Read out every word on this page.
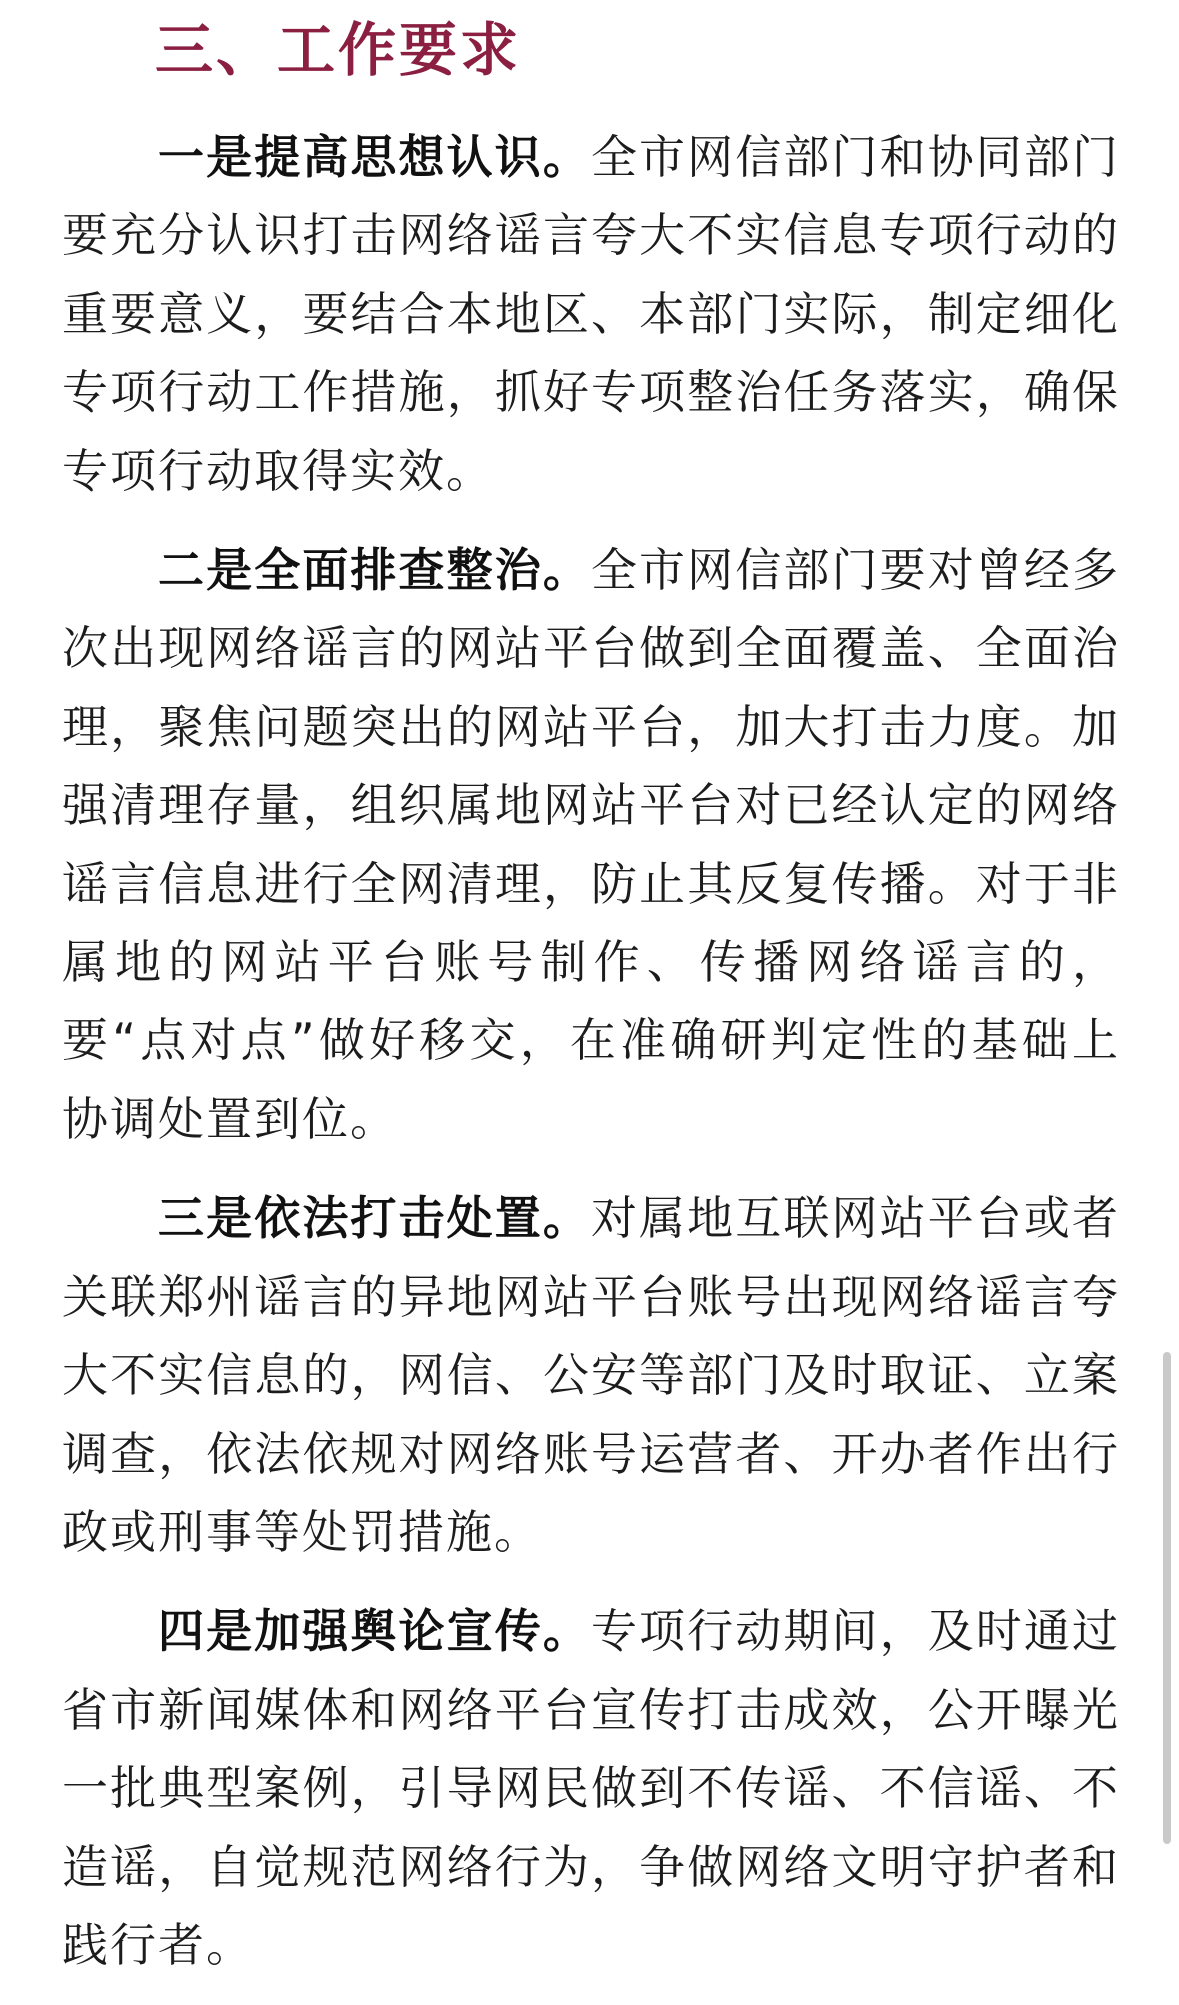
三、工作要求

一是提高思想认识。全市网信部门和协同部门要充分认识打击网络谣言夸大不实信息专项行动的重要意义，要结合本地区、本部门实际，制定细化专项行动工作措施，抓好专项整治任务落实，确保专项行动取得实效。

二是全面排查整治。全市网信部门要对曾经多次出现网络谣言的网站平台做到全面覆盖、全面治理，聚焦问题突出的网站平台，加大打击力度。加强清理存量，组织属地网站平台对已经认定的网络谣言信息进行全网清理，防止其反复传播。对于非属地的网站平台账号制作、传播网络谣言的，要“点对点”做好移交，在准确研判定性的基础上协调处置到位。

三是依法打击处置。对属地互联网站平台或者关联郑州谣言的异地网站平台账号出现网络谣言夸大不实信息的，网信、公安等部门及时取证、立案调查，依法依规对网络账号运营者、开办者作出行政或刑事等处罚措施。

四是加强舆论宣传。专项行动期间，及时通过省市新闻媒体和网络平台宣传打击成效，公开曝光一批典型案例，引导网民做到不传谣、不信谣、不造谣，自觉规范网络行为，争做网络文明守护者和践行者。
